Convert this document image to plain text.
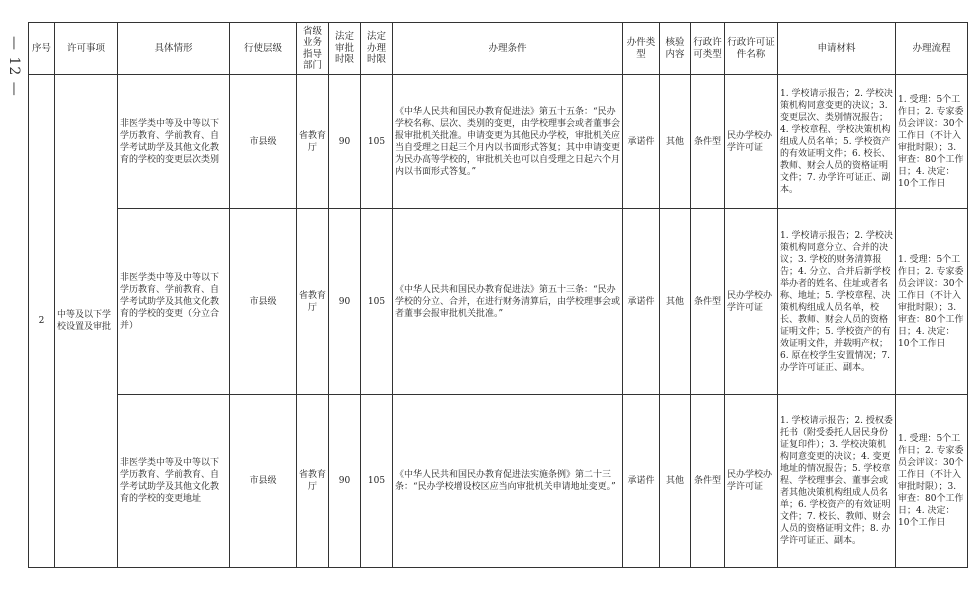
— 12 — 序号	许可事项	具体情形	行使层级	省级业务指导部门	法定审批时限	法定办理时限	办理条件	办件类型	核验内容	行政许可类型	行政许可证件名称	申请材料	办理流程
2	中等及以下学校设置及审批	非医学类中等及中等以下学历教育、学前教育、自学考试助学及其他文化教育的学校的变更层次类别	市县级	省教育厅	90	105	《中华人民共和国民办教育促进法》第五十五条：“民办学校名称、层次、类别的变更，由学校理事会或者董事会报审批机关批准。申请变更为其他民办学校，审批机关应当自受理之日起三个月内以书面形式答复；其中申请变更为民办高等学校的，审批机关也可以自受理之日起六个月内以书面形式答复。”	承诺件	其他	条件型	民办学校办学许可证	1. 学校请示报告；2. 学校决策机构同意变更的决议；3. 变更层次、类别情况报告；4. 学校章程、学校决策机构组成人员名单；5. 学校资产的有效证明文件；6. 校长、教师、财会人员的资格证明文件；7. 办学许可证正、副本。	1. 受理：5个工作日；2. 专家委员会评议：30个工作日（不计入审批时限）；3. 审查：80个工作日；4. 决定：10个工作日
		非医学类中等及中等以下学历教育、学前教育、自学考试助学及其他文化教育的学校的变更（分立合并）	市县级	省教育厅	90	105	《中华人民共和国民办教育促进法》第五十三条：“民办学校的分立、合并，在进行财务清算后，由学校理事会或者董事会报审批机关批准。”	承诺件	其他	条件型	民办学校办学许可证	1. 学校请示报告；2. 学校决策机构同意分立、合并的决议；3. 学校的财务清算报告；4. 分立、合并后新学校举办者的姓名、住址或者名称、地址；5. 学校章程、决策机构组成人员名单，校长、教师、财会人员的资格证明文件；5. 学校资产的有效证明文件，并载明产权；6. 原在校学生安置情况；7. 办学许可证正、副本。	1. 受理：5个工作日；2. 专家委员会评议：30个工作日（不计入审批时限）；3. 审查：80个工作日；4. 决定：10个工作日
		非医学类中等及中等以下学历教育、学前教育、自学考试助学及其他文化教育的学校的变更地址	市县级	省教育厅	90	105	《中华人民共和国民办教育促进法实施条例》第二十三条：“民办学校增设校区应当向审批机关申请地址变更。”	承诺件	其他	条件型	民办学校办学许可证	1. 学校请示报告；2. 授权委托书（附受委托人居民身份证复印件）；3. 学校决策机构同意变更的决议；4. 变更地址的情况报告；5. 学校章程、学校理事会、董事会或者其他决策机构组成人员名单；6. 学校资产的有效证明文件；7. 校长、教师、财会人员的资格证明文件；8. 办学许可证正、副本。	1. 受理：5个工作日；2. 专家委员会评议：30个工作日（不计入审批时限）；3. 审查：80个工作日；4. 决定：10个工作日
